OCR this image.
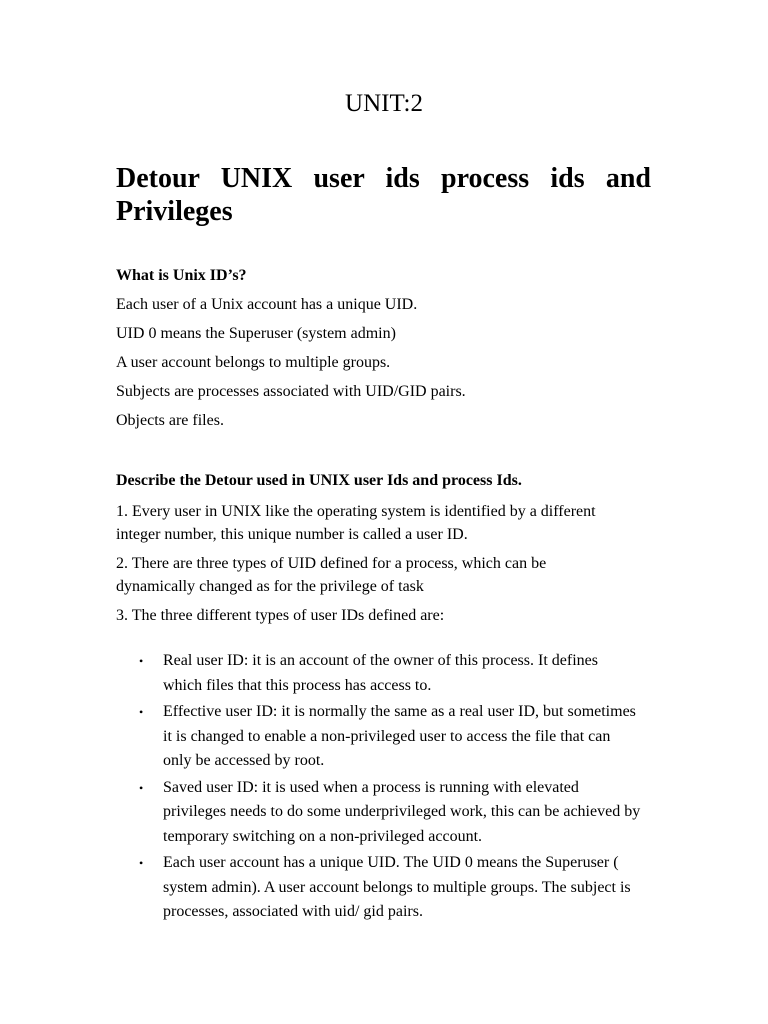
UNIT:2
Detour UNIX user ids process ids and Privileges

What is Unix ID’s?

Each user of a Unix account has a unique UID.

UID 0 means the Superuser (system admin)

A user account belongs to multiple groups.

Subjects are processes associated with UID/GID pairs.

Objects are files.

Describe the Detour used in UNIX user Ids and process Ids.

1. Every user in UNIX like the operating system is identified by a different integer number, this unique number is called a user ID.

2. There are three types of UID defined for a process, which can be dynamically changed as for the privilege of task

3. The three different types of user IDs defined are:

• Real user ID: it is an account of the owner of this process. It defines which files that this process has access to.
• Effective user ID: it is normally the same as a real user ID, but sometimes it is changed to enable a non-privileged user to access the file that can only be accessed by root.
• Saved user ID: it is used when a process is running with elevated privileges needs to do some underprivileged work, this can be achieved by temporary switching on a non-privileged account.
• Each user account has a unique UID. The UID 0 means the Superuser ( system admin). A user account belongs to multiple groups. The subject is processes, associated with uid/ gid pairs.
